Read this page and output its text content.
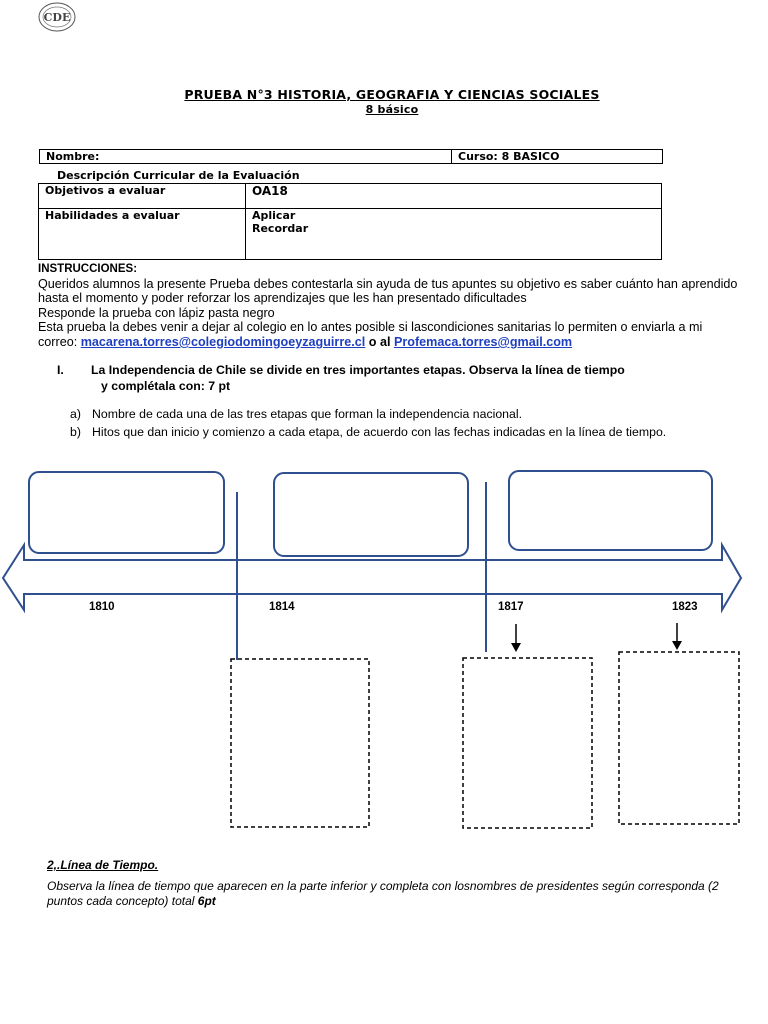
CDE
PRUEBA N°3 HISTORIA, GEOGRAFIA Y CIENCIAS SOCIALES
8 básico
Nombre:	Curso: 8 BASICO
Descripción Curricular de la Evaluación
Objetivos a evaluar	OA18
Habilidades a evaluar	Aplicar
Recordar
INSTRUCCIONES:
Queridos alumnos la presente Prueba debes contestarla sin ayuda de tus apuntes su objetivo es saber cuánto han aprendido hasta el momento y poder reforzar los aprendizajes que les han presentado dificultades
Responde la prueba con lápiz pasta negro
Esta prueba la debes venir a dejar al colegio en lo antes posible si lascondiciones sanitarias lo permiten o enviarla a mi correo: macarena.torres@colegiodomingoeyzaguirre.cl o al Profemaca.torres@gmail.com
I. La Independencia de Chile se divide en tres importantes etapas. Observa la línea de tiempo
y complétala con: 7 pt
a) Nombre de cada una de las tres etapas que forman la independencia nacional.
b) Hitos que dan inicio y comienzo a cada etapa, de acuerdo con las fechas indicadas en la línea de tiempo.
1810	1814	1817	1823
2,.Línea de Tiempo.
Observa la línea de tiempo que aparecen en la parte inferior y completa con losnombres de presidentes según corresponda (2 puntos cada concepto) total 6pt
